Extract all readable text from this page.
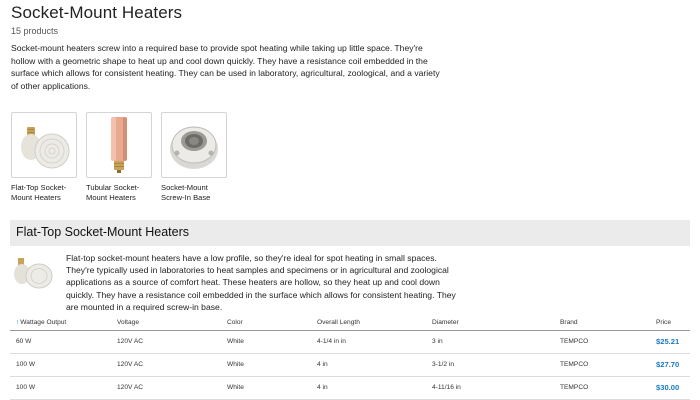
Socket-Mount Heaters
15 products
Socket-mount heaters screw into a required base to provide spot heating while taking up little space. They're hollow with a geometric shape to heat up and cool down quickly. They have a resistance coil embedded in the surface which allows for consistent heating. They can be used in laboratory, agricultural, zoological, and a variety of other applications.
Flat-Top Socket-Mount Heaters
Tubular Socket-Mount Heaters
Socket-Mount Screw-In Base
Flat-Top Socket-Mount Heaters
Flat-top socket-mount heaters have a low profile, so they're ideal for spot heating in small spaces. They're typically used in laboratories to heat samples and specimens or in agricultural and zoological applications as a source of comfort heat. These heaters are hollow, so they heat up and cool down quickly. They have a resistance coil embedded in the surface which allows for consistent heating. They are mounted in a required screw-in base.
↑Wattage Output	Voltage	Color	Overall Length	Diameter	Brand	Price
60 W	120V AC	White	4-1/4 in in	3 in	TEMPCO	$25.21
100 W	120V AC	White	4 in	3-1/2 in	TEMPCO	$27.70
100 W	120V AC	White	4 in	4-11/16 in	TEMPCO	$30.00
